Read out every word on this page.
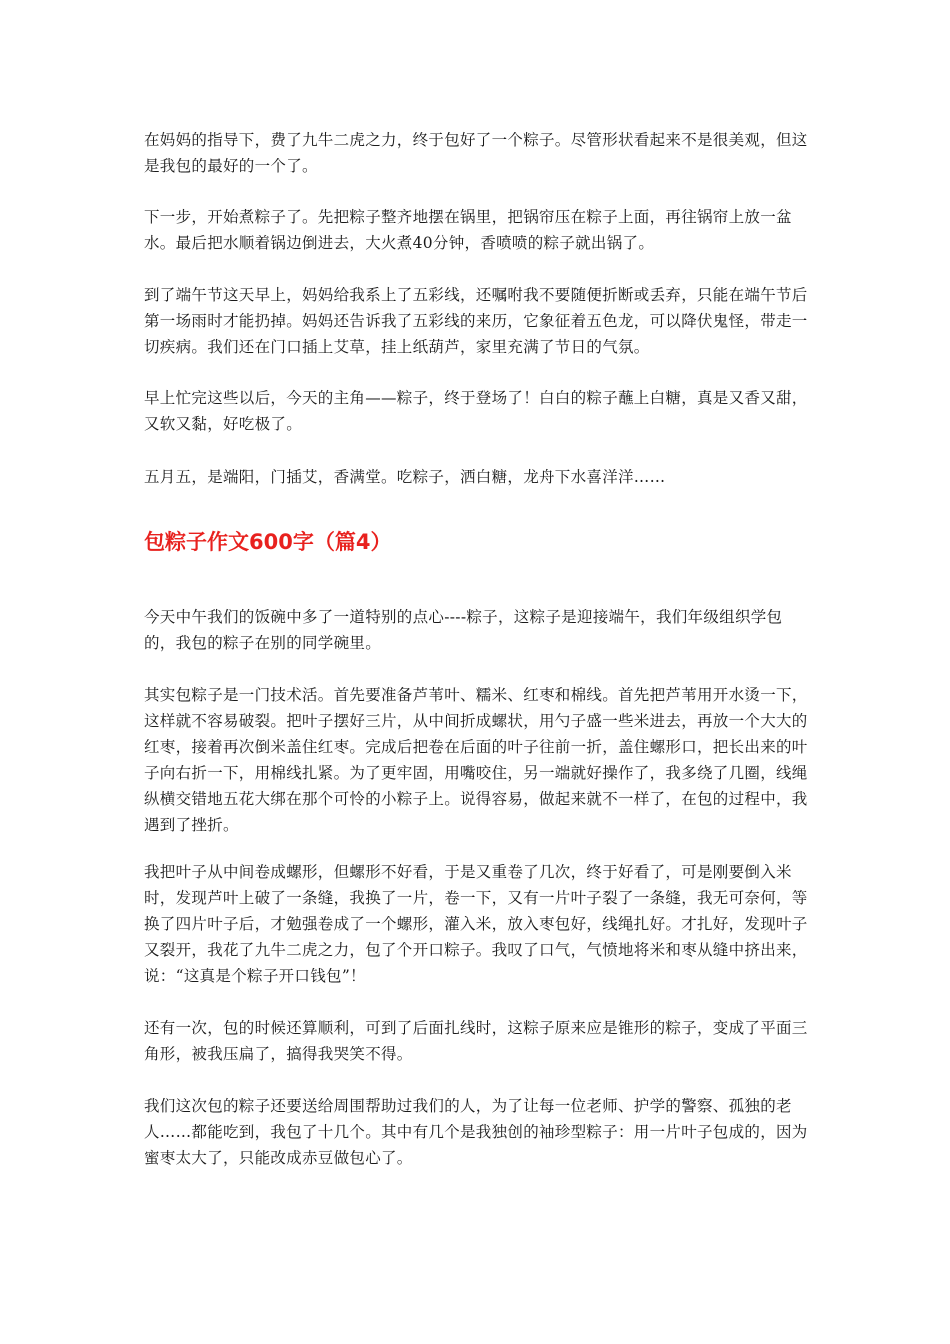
在妈妈的指导下，费了九牛二虎之力，终于包好了一个粽子。尽管形状看起来不是很美观，但这是我包的最好的一个了。

下一步，开始煮粽子了。先把粽子整齐地摆在锅里，把锅帘压在粽子上面，再往锅帘上放一盆水。最后把水顺着锅边倒进去，大火煮40分钟，香喷喷的粽子就出锅了。

到了端午节这天早上，妈妈给我系上了五彩线，还嘱咐我不要随便折断或丢弃，只能在端午节后第一场雨时才能扔掉。妈妈还告诉我了五彩线的来历，它象征着五色龙，可以降伏鬼怪，带走一切疾病。我们还在门口插上艾草，挂上纸葫芦，家里充满了节日的气氛。

早上忙完这些以后，今天的主角——粽子，终于登场了！白白的粽子蘸上白糖，真是又香又甜，又软又黏，好吃极了。

五月五，是端阳，门插艾，香满堂。吃粽子，洒白糖，龙舟下水喜洋洋……

包粽子作文600字（篇4）

今天中午我们的饭碗中多了一道特别的点心----粽子，这粽子是迎接端午，我们年级组织学包的，我包的粽子在别的同学碗里。

其实包粽子是一门技术活。首先要准备芦苇叶、糯米、红枣和棉线。首先把芦苇用开水烫一下，这样就不容易破裂。把叶子摆好三片，从中间折成螺状，用勺子盛一些米进去，再放一个大大的红枣，接着再次倒米盖住红枣。完成后把卷在后面的叶子往前一折，盖住螺形口，把长出来的叶子向右折一下，用棉线扎紧。为了更牢固，用嘴咬住，另一端就好操作了，我多绕了几圈，线绳纵横交错地五花大绑在那个可怜的小粽子上。说得容易，做起来就不一样了，在包的过程中，我遇到了挫折。

我把叶子从中间卷成螺形，但螺形不好看，于是又重卷了几次，终于好看了，可是刚要倒入米时，发现芦叶上破了一条缝，我换了一片，卷一下，又有一片叶子裂了一条缝，我无可奈何，等换了四片叶子后，才勉强卷成了一个螺形，灌入米，放入枣包好，线绳扎好。才扎好，发现叶子又裂开，我花了九牛二虎之力，包了个开口粽子。我叹了口气，气愤地将米和枣从缝中挤出来，说：“这真是个粽子开口钱包”！

还有一次，包的时候还算顺利，可到了后面扎线时，这粽子原来应是锥形的粽子，变成了平面三角形，被我压扁了，搞得我哭笑不得。

我们这次包的粽子还要送给周围帮助过我们的人，为了让每一位老师、护学的警察、孤独的老人……都能吃到，我包了十几个。其中有几个是我独创的袖珍型粽子：用一片叶子包成的，因为蜜枣太大了，只能改成赤豆做包心了。
